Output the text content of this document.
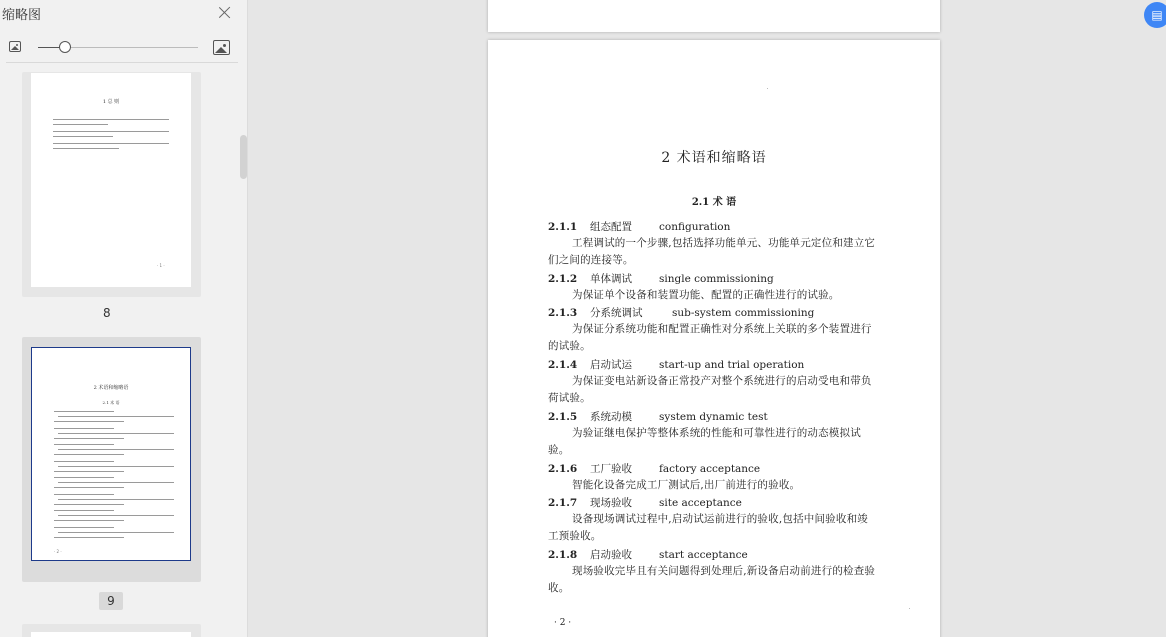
缩略图
1 总 则
· 1 ·
8
2 术语和缩略语
2.1 术 语
· 2 ·
9
2 术语和缩略语
2.1 术 语
2.1.1 组态配置	configuration
工程调试的一个步骤,包括选择功能单元、功能单元定位和建立它们之间的连接等。
2.1.2 单体调试	single commissioning
为保证单个设备和装置功能、配置的正确性进行的试验。
2.1.3 分系统调试	sub-system commissioning
为保证分系统功能和配置正确性对分系统上关联的多个装置进行的试验。
2.1.4 启动试运	start-up and trial operation
为保证变电站新设备正常投产对整个系统进行的启动受电和带负荷试验。
2.1.5 系统动模	system dynamic test
为验证继电保护等整体系统的性能和可靠性进行的动态模拟试验。
2.1.6 工厂验收	factory acceptance
智能化设备完成工厂测试后,出厂前进行的验收。
2.1.7 现场验收	site acceptance
设备现场调试过程中,启动试运前进行的验收,包括中间验收和竣工预验收。
2.1.8 启动验收	start acceptance
现场验收完毕且有关问题得到处理后,新设备启动前进行的检查验收。
· 2 ·
▤
